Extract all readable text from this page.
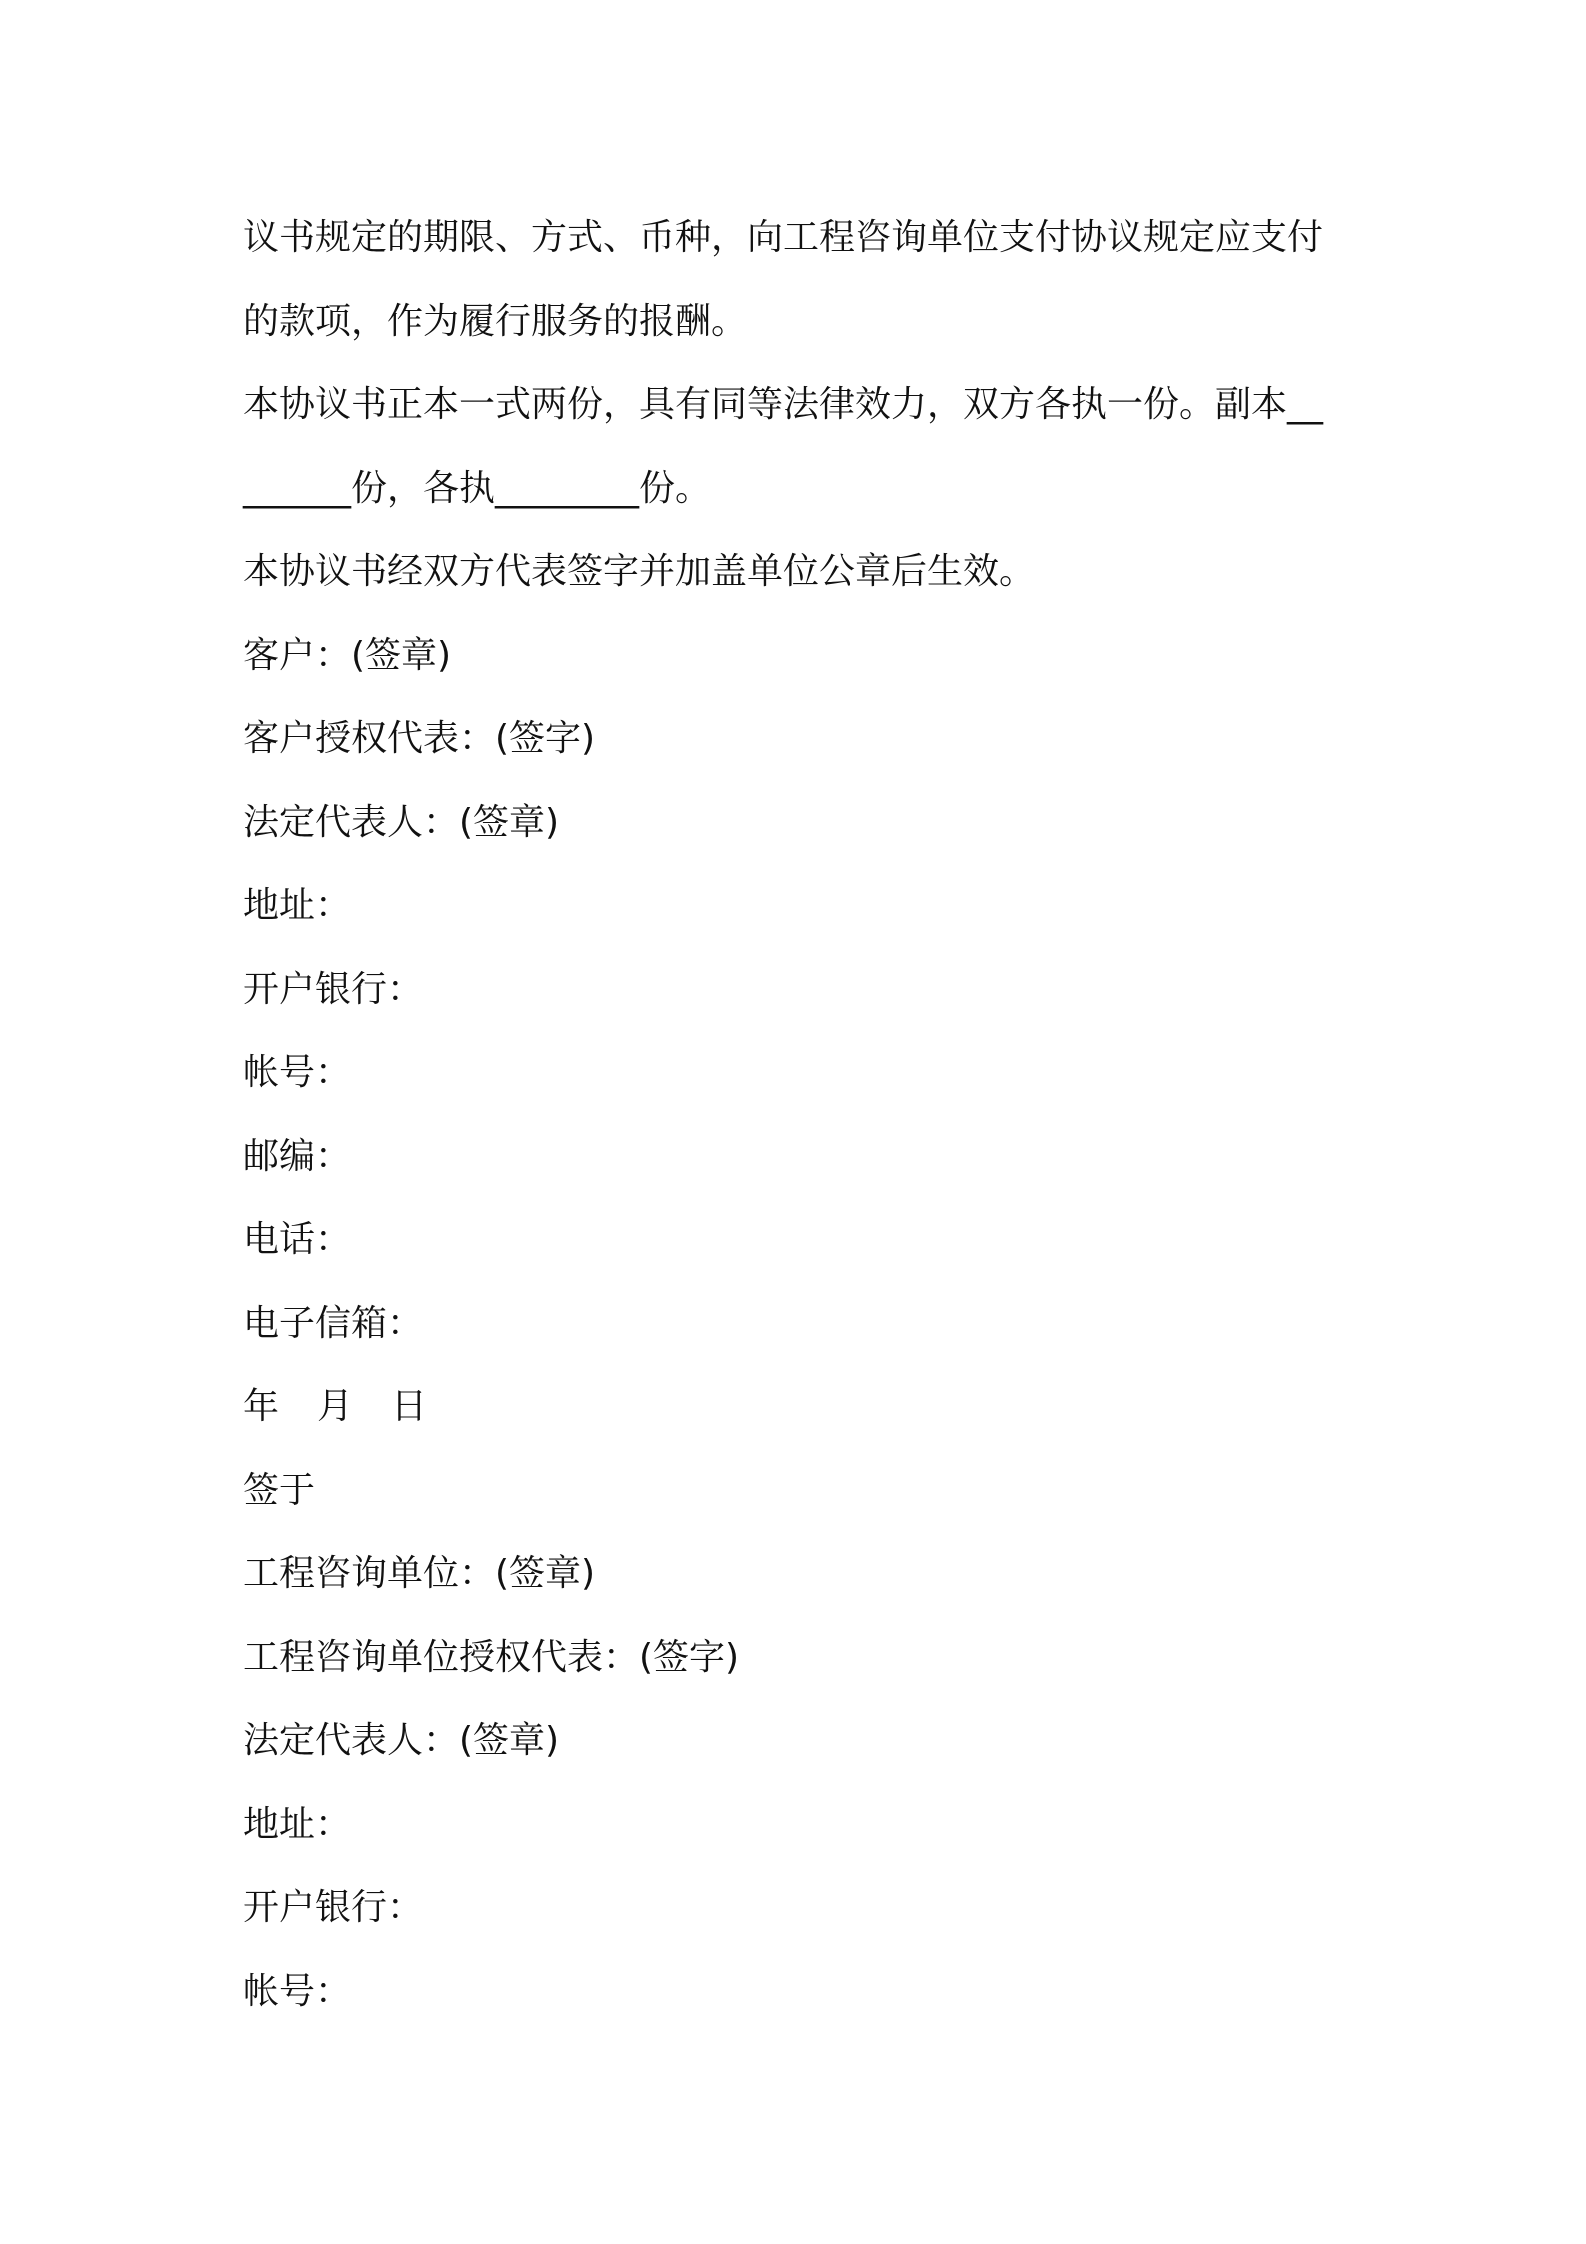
议书规定的期限、方式、币种，向工程咨询单位支付协议规定应支付
的款项，作为履行服务的报酬。
本协议书正本一式两份，具有同等法律效力，双方各执一份。副本__
______份，各执________份。
本协议书经双方代表签字并加盖单位公章后生效。
客户：(签章)
客户授权代表：(签字)
法定代表人：(签章)
地址：
开户银行：
帐号：
邮编：
电话：
电子信箱：
年 月 日
签于
工程咨询单位：(签章)
工程咨询单位授权代表：(签字)
法定代表人：(签章)
地址：
开户银行：
帐号：
